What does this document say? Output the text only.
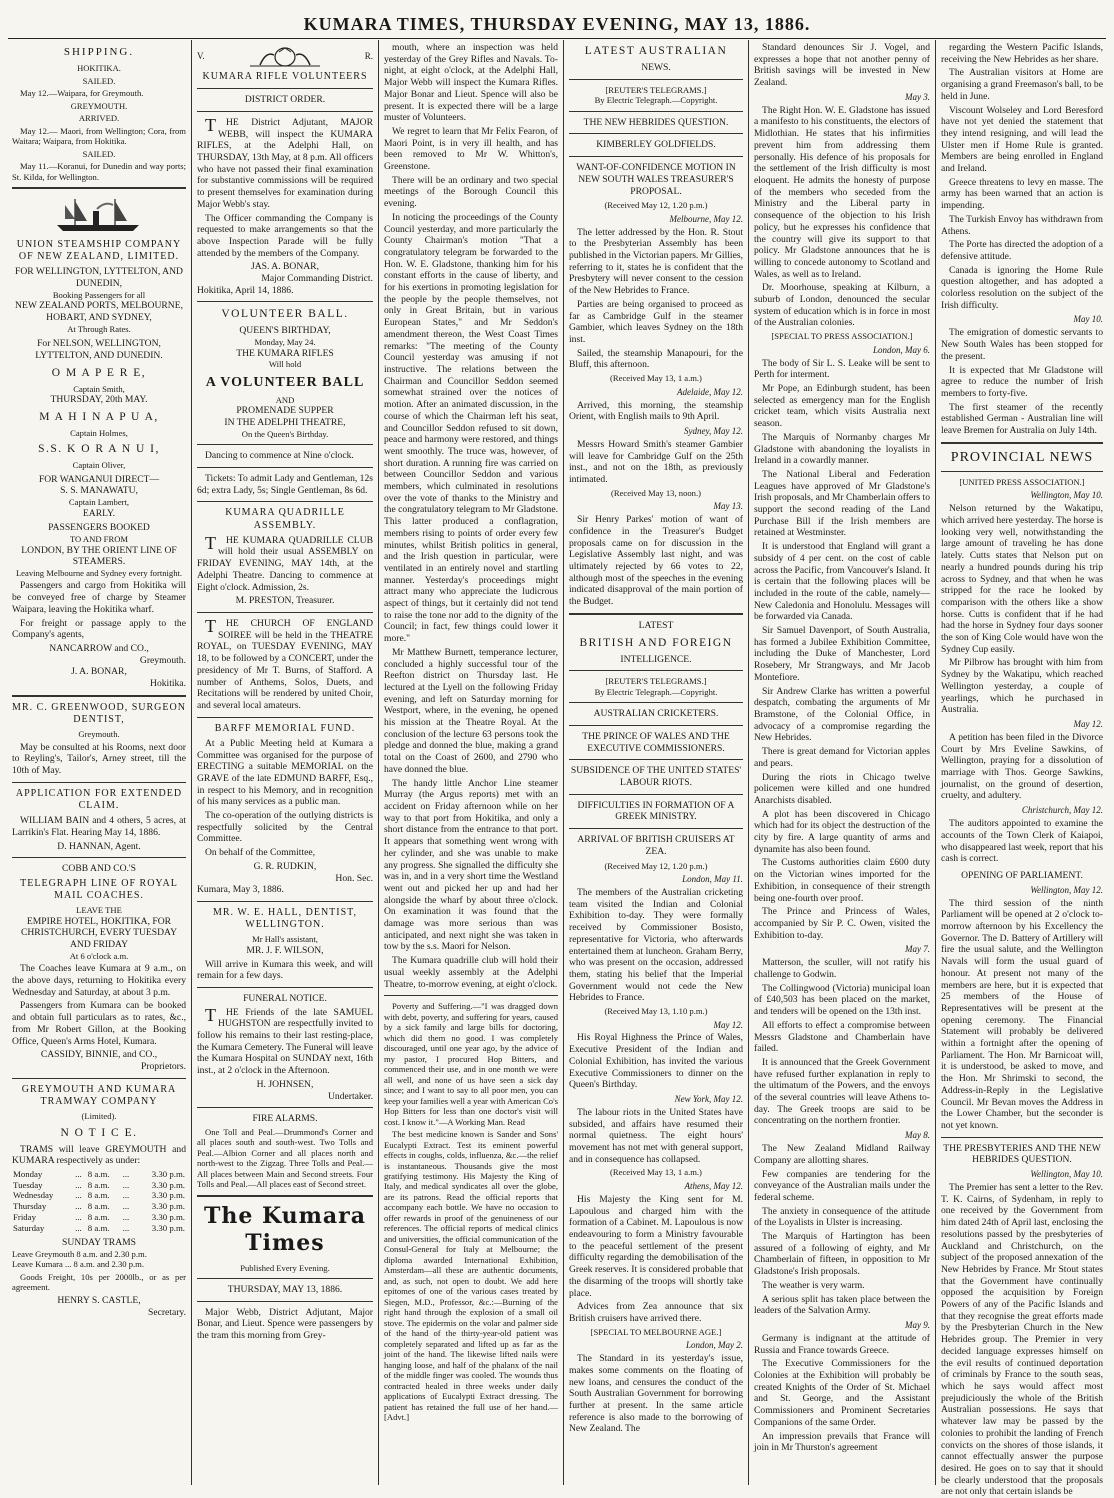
KUMARA TIMES, THURSDAY EVENING, MAY 13, 1886.
SHIPPING.
HOKITIKA.
SAILED.
May 12.—Waipara, for Greymouth.
GREYMOUTH.
ARRIVED.
May 12.— Maori, from Wellington; Cora, from Waitara; Waipara, from Hokitika.
SAILED.
May 11.—Koranui, for Dunedin and way ports; St. Kilda, for Wellington.
UNION STEAMSHIP COMPANY OF NEW ZEALAND, LIMITED.
FOR WELLINGTON, LYTTELTON, AND DUNEDIN,
Booking Passengers for all
NEW ZEALAND PORTS, MELBOURNE, HOBART, AND SYDNEY,
At Through Rates.
For NELSON, WELLINGTON, LYTTELTON, AND DUNEDIN.
O M A P E R E,
Captain Smith,
THURSDAY, 20th MAY.
M A H I N A P U A,
Captain Holmes,
S.S. K O R A N U I,
Captain Oliver,
FOR WANGANUI DIRECT—
S. S. MANAWATU,
Captain Lambert,
EARLY.
PASSENGERS BOOKED
TO AND FROM
LONDON, BY THE ORIENT LINE OF STEAMERS.
Leaving Melbourne and Sydney every fortnight.
Passengers and cargo from Hokitika will be conveyed free of charge by Steamer Waipara, leaving the Hokitika wharf.
For freight or passage apply to the Company's agents,
NANCARROW and CO.,
Greymouth.
J. A. BONAR,
Hokitika.
MR. C. GREENWOOD, SURGEON DENTIST,
Greymouth.
May be consulted at his Rooms, next door to Reyling's, Tailor's, Arney street, till the 10th of May.
APPLICATION FOR EXTENDED CLAIM.
WILLIAM BAIN and 4 others, 5 acres, at Larrikin's Flat. Hearing May 14, 1886.
D. HANNAN, Agent.
COBB AND CO.'S
TELEGRAPH LINE OF ROYAL MAIL COACHES.
LEAVE THE
EMPIRE HOTEL, HOKITIKA, FOR CHRISTCHURCH, EVERY TUESDAY AND FRIDAY
At 6 o'clock a.m.
The Coaches leave Kumara at 9 a.m., on the above days, returning to Hokitika every Wednesday and Saturday, at about 3 p.m.
Passengers from Kumara can be booked and obtain full particulars as to rates, &c., from Mr Robert Gillon, at the Booking Office, Queen's Arms Hotel, Kumara.
CASSIDY, BINNIE, and CO.,
Proprietors.
GREYMOUTH AND KUMARA TRAMWAY COMPANY
(Limited).
N O T I C E.
TRAMS will leave GREYMOUTH and KUMARA respectively as under:
Monday	...	8 a.m.	...	3.30 p.m.
Tuesday	...	8 a.m.	...	3.30 p.m.
Wednesday	...	8 a.m.	...	3.30 p.m.
Thursday	...	8 a.m.	...	3.30 p.m.
Friday	...	8 a.m.	...	3.30 p.m.
Saturday	...	8 a.m.	...	3.30 p.m.
SUNDAY TRAMS
Leave Greymouth 8 a.m. and 2.30 p.m.
Leave Kumara ... 8 a.m. and 2.30 p.m.
Goods Freight, 10s per 2000lb., or as per agreement.
HENRY S. CASTLE,
Secretary.
V.	R.
KUMARA RIFLE VOLUNTEERS
DISTRICT ORDER.
THE District Adjutant, MAJOR WEBB, will inspect the KUMARA RIFLES, at the Adelphi Hall, on THURSDAY, 13th May, at 8 p.m. All officers who have not passed their final examination for substantive commissions will be required to present themselves for examination during Major Webb's stay.
The Officer commanding the Company is requested to make arrangements so that the above Inspection Parade will be fully attended by the members of the Company.
JAS. A. BONAR,
Major Commanding District.
Hokitika, April 14, 1886.
VOLUNTEER BALL.
QUEEN'S BIRTHDAY,
Monday, May 24.
THE KUMARA RIFLES
Will hold
A VOLUNTEER BALL
AND
PROMENADE SUPPER
IN THE ADELPHI THEATRE,
On the Queen's Birthday.
Dancing to commence at Nine o'clock.
Tickets: To admit Lady and Gentleman, 12s 6d; extra Lady, 5s; Single Gentleman, 8s 6d.
KUMARA QUADRILLE ASSEMBLY.
THE KUMARA QUADRILLE CLUB will hold their usual ASSEMBLY on FRIDAY EVENING, MAY 14th, at the Adelphi Theatre. Dancing to commence at Eight o'clock. Admission, 2s.
M. PRESTON, Treasurer.
THE CHURCH OF ENGLAND SOIREE will be held in the THEATRE ROYAL, on TUESDAY EVENING, MAY 18, to be followed by a CONCERT, under the presidency of Mr T. Burns, of Stafford. A number of Anthems, Solos, Duets, and Recitations will be rendered by united Choir, and several local amateurs.
BARFF MEMORIAL FUND.
At a Public Meeting held at Kumara a Committee was organised for the purpose of ERECTING a suitable MEMORIAL on the GRAVE of the late EDMUND BARFF, Esq., in respect to his Memory, and in recognition of his many services as a public man.
The co-operation of the outlying districts is respectfully solicited by the Central Committee.
On behalf of the Committee,
G. R. RUDKIN,
Hon. Sec.
Kumara, May 3, 1886.
MR. W. E. HALL, DENTIST, WELLINGTON.
Mr Hall's assistant,
MR. J. F. WILSON,
Will arrive in Kumara this week, and will remain for a few days.
FUNERAL NOTICE.
THE Friends of the late SAMUEL HUGHSTON are respectfully invited to follow his remains to their last resting-place, the Kumara Cemetery. The Funeral will leave the Kumara Hospital on SUNDAY next, 16th inst., at 2 o'clock in the Afternoon.
H. JOHNSEN,
Undertaker.
FIRE ALARMS.
One Toll and Peal.—Drummond's Corner and all places south and south-west. Two Tolls and Peal.—Albion Corner and all places north and north-west to the Zigzag. Three Tolls and Peal.—All places between Main and Second streets. Four Tolls and Peal.—All places east of Second street.
The Kumara Times
Published Every Evening.
THURSDAY, MAY 13, 1886.
Major Webb, District Adjutant, Major Bonar, and Lieut. Spence were passengers by the tram this morning from Grey-
mouth, where an inspection was held yesterday of the Grey Rifles and Navals. To-night, at eight o'clock, at the Adelphi Hall, Major Webb will inspect the Kumara Rifles. Major Bonar and Lieut. Spence will also be present. It is expected there will be a large muster of Volunteers.
We regret to learn that Mr Felix Fearon, of Maori Point, is in very ill health, and has been removed to Mr W. Whitton's, Greenstone.
There will be an ordinary and two special meetings of the Borough Council this evening.
In noticing the proceedings of the County Council yesterday, and more particularly the County Chairman's motion "That a congratulatory telegram be forwarded to the Hon. W. E. Gladstone, thanking him for his constant efforts in the cause of liberty, and for his exertions in promoting legislation for the people by the people themselves, not only in Great Britain, but in various European States," and Mr Seddon's amendment thereon, the West Coast Times remarks: "The meeting of the County Council yesterday was amusing if not instructive. The relations between the Chairman and Councillor Seddon seemed somewhat strained over the notices of motion. After an animated discussion, in the course of which the Chairman left his seat, and Councillor Seddon refused to sit down, peace and harmony were restored, and things went smoothly. The truce was, however, of short duration. A running fire was carried on between Councillor Seddon and various members, which culminated in resolutions over the vote of thanks to the Ministry and the congratulatory telegram to Mr Gladstone. This latter produced a conflagration, members rising to points of order every few minutes, whilst British politics in general, and the Irish question in particular, were ventilated in an entirely novel and startling manner. Yesterday's proceedings might attract many who appreciate the ludicrous aspect of things, but it certainly did not tend to raise the tone nor add to the dignity of the Council; in fact, few things could lower it more."
Mr Matthew Burnett, temperance lecturer, concluded a highly successful tour of the Reefton district on Thursday last. He lectured at the Lyell on the following Friday evening, and left on Saturday morning for Westport, where, in the evening, he opened his mission at the Theatre Royal. At the conclusion of the lecture 63 persons took the pledge and donned the blue, making a grand total on the Coast of 2600, and 2790 who have donned the blue.
The handy little Anchor Line steamer Murray (the Argus reports) met with an accident on Friday afternoon while on her way to that port from Hokitika, and only a short distance from the entrance to that port. It appears that something went wrong with her cylinder, and she was unable to make any progress. She signalled the difficulty she was in, and in a very short time the Westland went out and picked her up and had her alongside the wharf by about three o'clock. On examination it was found that the damage was more serious than was anticipated, and next night she was taken in tow by the s.s. Maori for Nelson.
The Kumara quadrille club will hold their usual weekly assembly at the Adelphi Theatre, to-morrow evening, at eight o'clock.
Poverty and Suffering.—"I was dragged down with debt, poverty, and suffering for years, caused by a sick family and large bills for doctoring, which did them no good. I was completely discouraged, until one year ago, by the advice of my pastor, I procured Hop Bitters, and commenced their use, and in one month we were all well, and none of us have seen a sick day since; and I want to say to all poor men, you can keep your families well a year with American Co's Hop Bitters for less than one doctor's visit will cost. I know it."—A Working Man. Read
The best medicine known is Sander and Sons' Eucalypti Extract. Test its eminent powerful effects in coughs, colds, influenza, &c.—the relief is instantaneous. Thousands give the most gratifying testimony. His Majesty the King of Italy, and medical syndicates all over the globe, are its patrons. Read the official reports that accompany each bottle. We have no occasion to offer rewards in proof of the genuineness of our references. The official reports of medical clinics and universities, the official communication of the Consul-General for Italy at Melbourne; the diploma awarded International Exhibition, Amsterdam—all these are authentic documents, and, as such, not open to doubt. We add here epitomes of one of the various cases treated by Siegen, M.D., Professor, &c.:—Burning of the right hand through the explosion of a small oil stove. The epidermis on the volar and palmer side of the hand of the thirty-year-old patient was completely separated and lifted up as far as the joint of the hand. The likewise lifted nails were hanging loose, and half of the phalanx of the nail of the middle finger was cooled. The wounds thus contracted healed in three weeks under daily applications of Eucalypti Extract dressing. The patient has retained the full use of her hand.—[Advt.]
LATEST AUSTRALIAN
NEWS.
[REUTER'S TELEGRAMS.]
By Electric Telegraph.—Copyright.
THE NEW HEBRIDES QUESTION.
KIMBERLEY GOLDFIELDS.
WANT-OF-CONFIDENCE MOTION IN NEW SOUTH WALES TREASURER'S PROPOSAL.
(Received May 12, 1.20 p.m.)
Melbourne, May 12.
The letter addressed by the Hon. R. Stout to the Presbyterian Assembly has been published in the Victorian papers. Mr Gillies, referring to it, states he is confident that the Presbytery will never consent to the cession of the New Hebrides to France.
Parties are being organised to proceed as far as Cambridge Gulf in the steamer Gambier, which leaves Sydney on the 18th inst.
Sailed, the steamship Manapouri, for the Bluff, this afternoon.
(Received May 13, 1 a.m.)
Adelaide, May 12.
Arrived, this morning, the steamship Orient, with English mails to 9th April.
Sydney, May 12.
Messrs Howard Smith's steamer Gambier will leave for Cambridge Gulf on the 25th inst., and not on the 18th, as previously intimated.
(Received May 13, noon.)
May 13.
Sir Henry Parkes' motion of want of confidence in the Treasurer's Budget proposals came on for discussion in the Legislative Assembly last night, and was ultimately rejected by 66 votes to 22, although most of the speeches in the evening indicated disapproval of the main portion of the Budget.
LATEST
BRITISH AND FOREIGN
INTELLIGENCE.
[REUTER'S TELEGRAMS.]
By Electric Telegraph.—Copyright.
AUSTRALIAN CRICKETERS.
THE PRINCE OF WALES AND THE EXECUTIVE COMMISSIONERS.
SUBSIDENCE OF THE UNITED STATES' LABOUR RIOTS.
DIFFICULTIES IN FORMATION OF A GREEK MINISTRY.
ARRIVAL OF BRITISH CRUISERS AT ZEA.
(Received May 12, 1.20 p.m.)
London, May 11.
The members of the Australian cricketing team visited the Indian and Colonial Exhibition to-day. They were formally received by Commissioner Bosisto, representative for Victoria, who afterwards entertained them at luncheon. Graham Berry, who was present on the occasion, addressed them, stating his belief that the Imperial Government would not cede the New Hebrides to France.
(Received May 13, 1.10 p.m.)
May 12.
His Royal Highness the Prince of Wales, Executive President of the Indian and Colonial Exhibition, has invited the various Executive Commissioners to dinner on the Queen's Birthday.
New York, May 12.
The labour riots in the United States have subsided, and affairs have resumed their normal quietness. The eight hours' movement has not met with general support, and in consequence has collapsed.
(Received May 13, 1 a.m.)
Athens, May 12.
His Majesty the King sent for M. Lapoulous and charged him with the formation of a Cabinet. M. Lapoulous is now endeavouring to form a Ministry favourable to the peaceful settlement of the present difficulty regarding the demobilisation of the Greek reserves. It is considered probable that the disarming of the troops will shortly take place.
Advices from Zea announce that six British cruisers have arrived there.
[SPECIAL TO MELBOURNE AGE.]
London, May 2.
The Standard in its yesterday's issue, makes some comments on the floating of new loans, and censures the conduct of the South Australian Government for borrowing further at present. In the same article reference is also made to the borrowing of New Zealand. The
Standard denounces Sir J. Vogel, and expresses a hope that not another penny of British savings will be invested in New Zealand.
May 3.
The Right Hon. W. E. Gladstone has issued a manifesto to his constituents, the electors of Midlothian. He states that his infirmities prevent him from addressing them personally. His defence of his proposals for the settlement of the Irish difficulty is most eloquent. He admits the honesty of purpose of the members who seceded from the Ministry and the Liberal party in consequence of the objection to his Irish policy, but he expresses his confidence that the country will give its support to that policy. Mr Gladstone announces that he is willing to concede autonomy to Scotland and Wales, as well as to Ireland.
Dr. Moorhouse, speaking at Kilburn, a suburb of London, denounced the secular system of education which is in force in most of the Australian colonies.
[SPECIAL TO PRESS ASSOCIATION.]
London, May 6.
The body of Sir L. S. Leake will be sent to Perth for interment.
Mr Pope, an Edinburgh student, has been selected as emergency man for the English cricket team, which visits Australia next season.
The Marquis of Normanby charges Mr Gladstone with abandoning the loyalists in Ireland in a cowardly manner.
The National Liberal and Federation Leagues have approved of Mr Gladstone's Irish proposals, and Mr Chamberlain offers to support the second reading of the Land Purchase Bill if the Irish members are retained at Westminster.
It is understood that England will grant a subsidy of 4 per cent. on the cost of cable across the Pacific, from Vancouver's Island. It is certain that the following places will be included in the route of the cable, namely—New Caledonia and Honolulu. Messages will be forwarded via Canada.
Sir Samuel Davenport, of South Australia, has formed a Jubilee Exhibition Committee, including the Duke of Manchester, Lord Rosebery, Mr Strangways, and Mr Jacob Montefiore.
Sir Andrew Clarke has written a powerful despatch, combating the arguments of Mr Bramstone, of the Colonial Office, in advocacy of a compromise regarding the New Hebrides.
There is great demand for Victorian apples and pears.
During the riots in Chicago twelve policemen were killed and one hundred Anarchists disabled.
A plot has been discovered in Chicago which had for its object the destruction of the city by fire. A large quantity of arms and dynamite has also been found.
The Customs authorities claim £600 duty on the Victorian wines imported for the Exhibition, in consequence of their strength being one-fourth over proof.
The Prince and Princess of Wales, accompanied by Sir P. C. Owen, visited the Exhibition to-day.
May 7.
Matterson, the sculler, will not ratify his challenge to Godwin.
The Collingwood (Victoria) municipal loan of £40,503 has been placed on the market, and tenders will be opened on the 13th inst.
All efforts to effect a compromise between Messrs Gladstone and Chamberlain have failed.
It is announced that the Greek Government have refused further explanation in reply to the ultimatum of the Powers, and the envoys of the several countries will leave Athens to-day. The Greek troops are said to be concentrating on the northern frontier.
May 8.
The New Zealand Midland Railway Company are allotting shares.
Few companies are tendering for the conveyance of the Australian mails under the federal scheme.
The anxiety in consequence of the attitude of the Loyalists in Ulster is increasing.
The Marquis of Hartington has been assured of a following of eighty, and Mr Chamberlain of fifteen, in opposition to Mr Gladstone's Irish proposals.
The weather is very warm.
A serious split has taken place between the leaders of the Salvation Army.
May 9.
Germany is indignant at the attitude of Russia and France towards Greece.
The Executive Commissioners for the Colonies at the Exhibition will probably be created Knights of the Order of St. Michael and St. George, and the Assistant Commissioners and Prominent Secretaries Companions of the same Order.
An impression prevails that France will join in Mr Thurston's agreement
regarding the Western Pacific Islands, receiving the New Hebrides as her share.
The Australian visitors at Home are organising a grand Freemason's ball, to be held in June.
Viscount Wolseley and Lord Beresford have not yet denied the statement that they intend resigning, and will lead the Ulster men if Home Rule is granted. Members are being enrolled in England and Ireland.
Greece threatens to levy en masse. The army has been warned that an action is impending.
The Turkish Envoy has withdrawn from Athens.
The Porte has directed the adoption of a defensive attitude.
Canada is ignoring the Home Rule question altogether, and has adopted a colorless resolution on the subject of the Irish difficulty.
May 10.
The emigration of domestic servants to New South Wales has been stopped for the present.
It is expected that Mr Gladstone will agree to reduce the number of Irish members to forty-five.
The first steamer of the recently established German - Australian line will leave Bremen for Australia on July 14th.
PROVINCIAL NEWS
[UNITED PRESS ASSOCIATION.]
Wellington, May 10.
Nelson returned by the Wakatipu, which arrived here yesterday. The horse is looking very well, notwithstanding the large amount of traveling he has done lately. Cutts states that Nelson put on nearly a hundred pounds during his trip across to Sydney, and that when he was stripped for the race he looked by comparison with the others like a show horse. Cutts is confident that if he had had the horse in Sydney four days sooner the son of King Cole would have won the Sydney Cup easily.
Mr Pilbrow has brought with him from Sydney by the Wakatipu, which reached Wellington yesterday, a couple of yearlings, which he purchased in Australia.
May 12.
A petition has been filed in the Divorce Court by Mrs Eveline Sawkins, of Wellington, praying for a dissolution of marriage with Thos. George Sawkins, journalist, on the ground of desertion, cruelty, and adultery.
Christchurch, May 12.
The auditors appointed to examine the accounts of the Town Clerk of Kaiapoi, who disappeared last week, report that his cash is correct.
OPENING OF PARLIAMENT.
Wellington, May 12.
The third session of the ninth Parliament will be opened at 2 o'clock to-morrow afternoon by his Excellency the Governor. The D. Battery of Artillery will fire the usual salute, and the Wellington Navals will form the usual guard of honour. At present not many of the members are here, but it is expected that 25 members of the House of Representatives will be present at the opening ceremony. The Financial Statement will probably be delivered within a fortnight after the opening of Parliament. The Hon. Mr Barnicoat will, it is understood, be asked to move, and the Hon. Mr Shrimski to second, the Address-in-Reply in the Legislative Council. Mr Bevan moves the Address in the Lower Chamber, but the seconder is not yet known.
THE PRESBYTERIES AND THE NEW HEBRIDES QUESTION.
Wellington, May 10.
The Premier has sent a letter to the Rev. T. K. Cairns, of Sydenham, in reply to one received by the Government from him dated 24th of April last, enclosing the resolutions passed by the presbyteries of Auckland and Christchurch, on the subject of the proposed annexation of the New Hebrides by France. Mr Stout states that the Government have continually opposed the acquisition by Foreign Powers of any of the Pacific Islands and that they recognise the great efforts made by the Presbyterian Church in the New Hebrides group. The Premier in very decided language expresses himself on the evil results of continued deportation of criminals by France to the south seas, which he says would affect most prejudiciously the whole of the British Australian possessions. He says that whatever law may be passed by the colonies to prohibit the landing of French convicts on the shores of those islands, it cannot effectually answer the purpose desired. He goes on to say that it should be clearly understood that the proposals are not only that certain islands be
